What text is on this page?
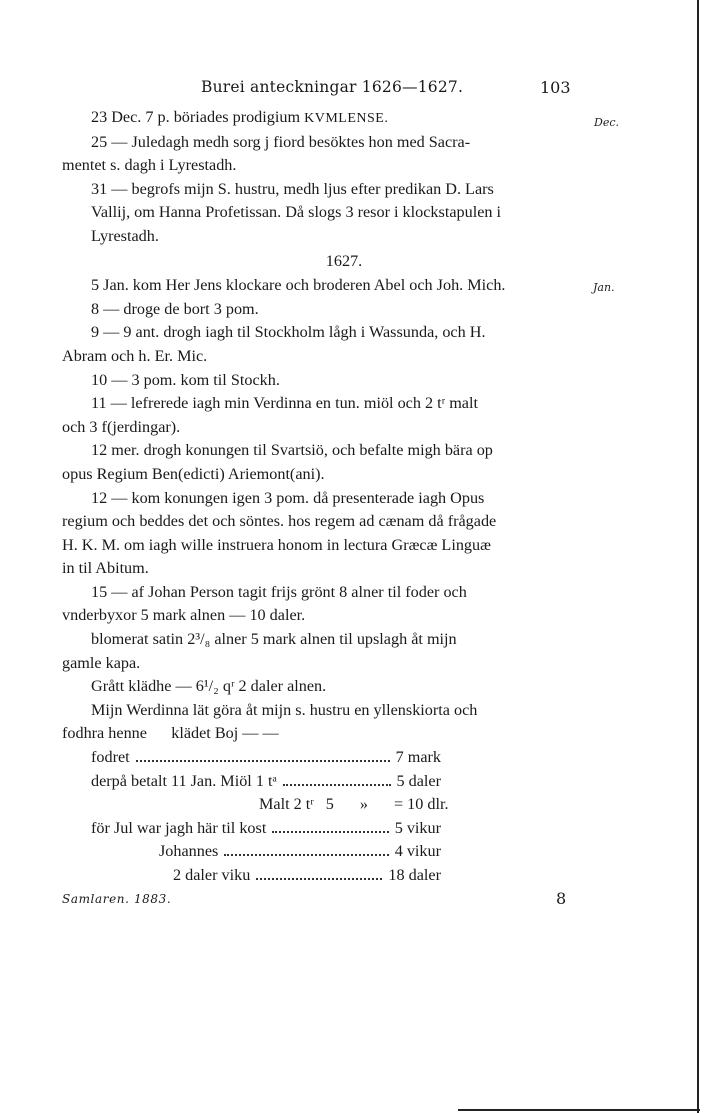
Burei anteckningar 1626—1627.	103
Dec.
Jan.
23 Dec. 7 p. böriades prodigium KVMLENSE.
25 — Juledagh medh sorg j fiord besöktes hon med Sacra-
mentet s. dagh i Lyrestadh.
31 — begrofs mijn S. hustru, medh ljus efter predikan D. Lars
Vallij, om Hanna Profetissan. Då slogs 3 resor i klockstapulen i
Lyrestadh.
1627.
5 Jan. kom Her Jens klockare och broderen Abel och Joh. Mich.
8 — droge de bort 3 pom.
9 — 9 ant. drogh iagh til Stockholm lågh i Wassunda, och H.
Abram och h. Er. Mic.
10 — 3 pom. kom til Stockh.
11 — lefrerede iagh min Verdinna en tun. miöl och 2 tʳ malt
och 3 f(jerdingar).
12 mer. drogh konungen til Svartsiö, och befalte migh bära op
opus Regium Ben(edicti) Ariemont(ani).
12 — kom konungen igen 3 pom. då presenterade iagh Opus
regium och beddes det och söntes. hos regem ad cænam då frågade
H. K. M. om iagh wille instruera honom in lectura Græcæ Linguæ
in til Abitum.
15 — af Johan Person tagit frijs grönt 8 alner til foder och
vnderbyxor 5 mark alnen — 10 daler.
blomerat satin 2³/₈ alner 5 mark alnen til upslagh åt mijn
gamle kapa.
Grått klädhe — 6¹/₂ qʳ 2 daler alnen.
Mijn Werdinna lät göra åt mijn s. hustru en yllenskiorta och
fodhra henne      klädet Boj — —
fodret	7 mark
derpå betalt 11 Jan. Miöl 1 tᵃ	5 daler
Malt 2 tʳ 5 » = 10 dlr.
för Jul war jagh här til kost	5 vikur
Johannes	4 vikur
2 daler viku	18 daler
Samlaren. 1883.	8
